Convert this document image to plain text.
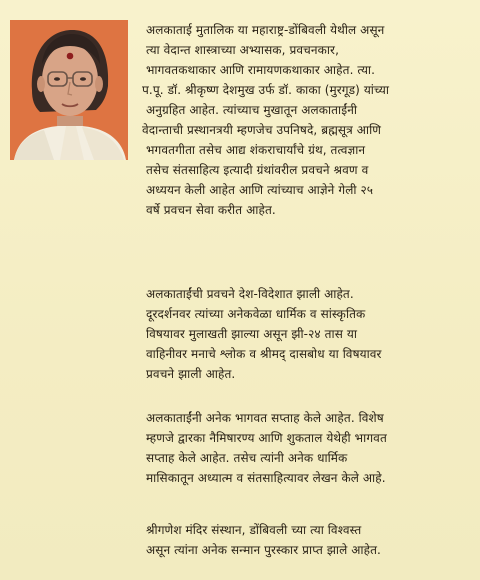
अलकाताई मुतालिक या महाराष्ट्र-डोंबिवली येथील असून
त्या वेदान्त शास्त्राच्या अभ्यासक, प्रवचनकार,
भागवतकथाकार आणि रामायणकथाकार आहेत. त्या.
प.पू. डॉ. श्रीकृष्ण देशमुख उर्फ डॉ. काका (मुरगूड) यांच्या
अनुग्रहित आहेत. त्यांच्याच मुखातून अलकाताईंनी
वेदान्ताची प्रस्थानत्रयी म्हणजेच उपनिषदे, ब्रह्मसूत्र आणि
भगवतगीता तसेच आद्य शंकराचार्यांचे ग्रंथ, तत्वज्ञान
तसेच संतसाहित्य इत्यादी ग्रंथांवरील प्रवचने श्रवण व
अध्ययन केली आहेत आणि त्यांच्याच आज्ञेने गेली २५
वर्षे प्रवचन सेवा करीत आहेत.
अलकाताईंची प्रवचने देश-विदेशात झाली आहेत.
दूरदर्शनवर त्यांच्या अनेकवेळा धार्मिक व सांस्कृतिक
विषयावर मुलाखती झाल्या असून झी-२४ तास या
वाहिनीवर मनाचे श्लोक व श्रीमद् दासबोध या विषयावर
प्रवचने झाली आहेत.
अलकाताईंनी अनेक भागवत सप्ताह केले आहेत. विशेष
म्हणजे द्वारका नैमिषारण्य आणि शुकताल येथेही भागवत
सप्ताह केले आहेत. तसेच त्यांनी अनेक धार्मिक
मासिकातून अध्यात्म व संतसाहित्यावर लेखन केले आहे.
श्रीगणेश मंदिर संस्थान, डोंबिवली च्या त्या विश्वस्त
असून त्यांना अनेक सन्मान पुरस्कार प्राप्त झाले आहेत.
